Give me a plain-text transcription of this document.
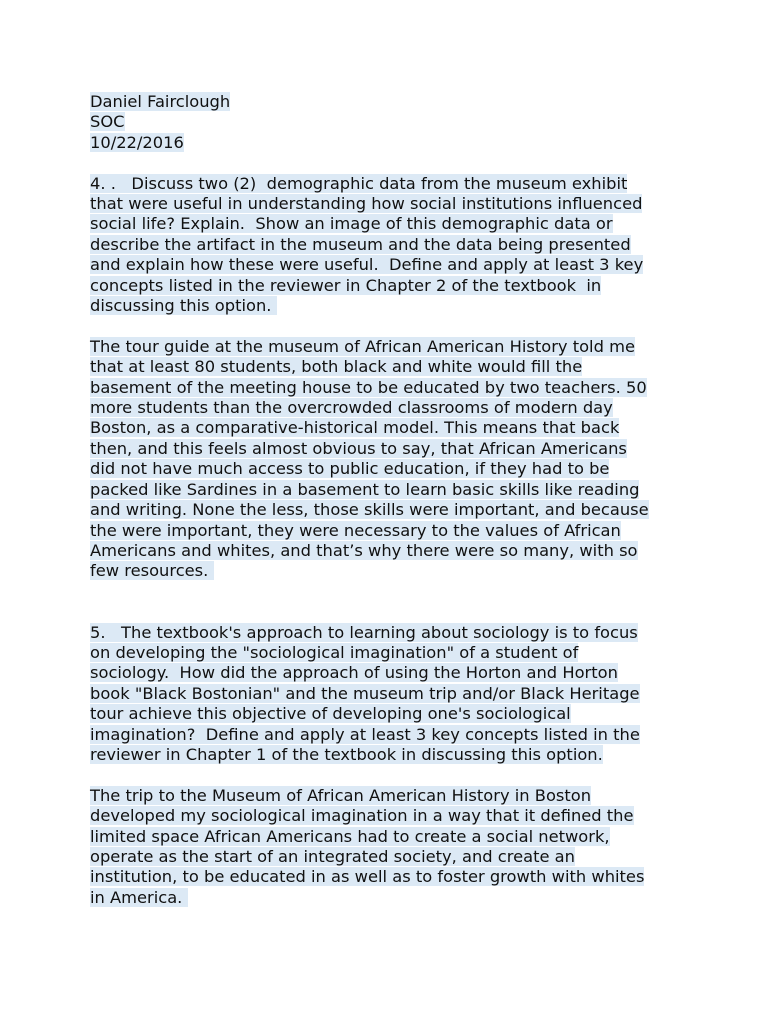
Daniel Fairclough
SOC
10/22/2016
4. .   Discuss two (2)  demographic data from the museum exhibit
that were useful in understanding how social institutions influenced
social life? Explain.  Show an image of this demographic data or
describe the artifact in the museum and the data being presented
and explain how these were useful.  Define and apply at least 3 key
concepts listed in the reviewer in Chapter 2 of the textbook  in
discussing this option.
The tour guide at the museum of African American History told me
that at least 80 students, both black and white would fill the
basement of the meeting house to be educated by two teachers. 50
more students than the overcrowded classrooms of modern day
Boston, as a comparative-historical model. This means that back
then, and this feels almost obvious to say, that African Americans
did not have much access to public education, if they had to be
packed like Sardines in a basement to learn basic skills like reading
and writing. None the less, those skills were important, and because
the were important, they were necessary to the values of African
Americans and whites, and that’s why there were so many, with so
few resources.
5.   The textbook's approach to learning about sociology is to focus
on developing the "sociological imagination" of a student of
sociology.  How did the approach of using the Horton and Horton
book "Black Bostonian" and the museum trip and/or Black Heritage
tour achieve this objective of developing one's sociological
imagination?  Define and apply at least 3 key concepts listed in the
reviewer in Chapter 1 of the textbook in discussing this option.
The trip to the Museum of African American History in Boston
developed my sociological imagination in a way that it defined the
limited space African Americans had to create a social network,
operate as the start of an integrated society, and create an
institution, to be educated in as well as to foster growth with whites
in America.
